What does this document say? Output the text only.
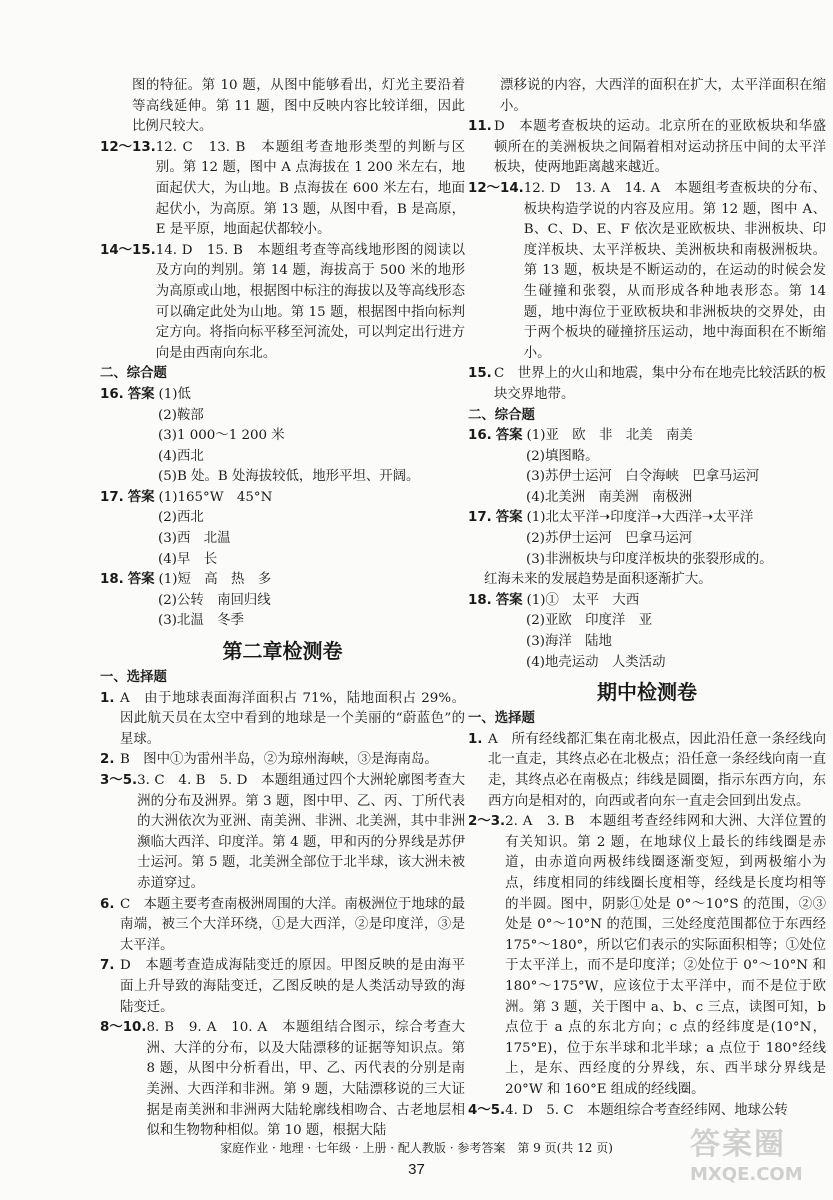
图的特征。第 10 题，从图中能够看出，灯光主要沿着等高线延伸。第 11 题，图中反映内容比较详细，因此比例尺较大。

12～13. 12. C　13. B　本题组考查地形类型的判断与区别。第 12 题，图中 A 点海拔在 1 200 米左右，地面起伏大，为山地。B 点海拔在 600 米左右，地面起伏小，为高原。第 13 题，从图中看，B 是高原，E 是平原，地面起伏都较小。
14～15. 14. D　15. B　本题组考查等高线地形图的阅读以及方向的判别。第 14 题，海拔高于 500 米的地形为高原或山地，根据图中标注的海拔以及等高线形态可以确定此处为山地。第 15 题，根据图中指向标判定方向。将指向标平移至河流处，可以判定出行进方向是由西南向东北。

二、综合题

16. 答案 (1)低
(2)鞍部
(3)1 000～1 200 米
(4)西北
(5)B 处。B 处海拔较低，地形平坦、开阔。
17. 答案 (1)165°W　45°N
(2)西北
(3)西　北温
(4)早　长
18. 答案 (1)短　高　热　多
(2)公转　南回归线
(3)北温　冬季
第二章检测卷

一、选择题

1. A　由于地球表面海洋面积占 71%，陆地面积占 29%。因此航天员在太空中看到的地球是一个美丽的“蔚蓝色”的星球。
2. B　图中①为雷州半岛，②为琼州海峡，③是海南岛。
3～5. 3. C　4. B　5. D　本题组通过四个大洲轮廓图考查大洲的分布及洲界。第 3 题，图中甲、乙、丙、丁所代表的大洲依次为亚洲、南美洲、非洲、北美洲，其中非洲濒临大西洋、印度洋。第 4 题，甲和丙的分界线是苏伊士运河。第 5 题，北美洲全部位于北半球，该大洲未被赤道穿过。
6. C　本题主要考查南极洲周围的大洋。南极洲位于地球的最南端，被三个大洋环绕，①是大西洋，②是印度洋，③是太平洋。
7. D　本题考查造成海陆变迁的原因。甲图反映的是由海平面上升导致的海陆变迁，乙图反映的是人类活动导致的海陆变迁。
8～10. 8. B　9. A　10. A　本题组结合图示，综合考查大洲、大洋的分布，以及大陆漂移的证据等知识点。第 8 题，从图中分析看出，甲、乙、丙代表的分别是南美洲、大西洋和非洲。第 9 题，大陆漂移说的三大证据是南美洲和非洲两大陆轮廓线相吻合、古老地层相似和生物物种相似。第 10 题，根据大陆

漂移说的内容，大西洋的面积在扩大，太平洋面积在缩小。

11. D　本题考查板块的运动。北京所在的亚欧板块和华盛顿所在的美洲板块之间隔着相对运动挤压中间的太平洋板块，使两地距离越来越近。
12～14. 12. D　13. A　14. A　本题组考查板块的分布、板块构造学说的内容及应用。第 12 题，图中 A、B、C、D、E、F 依次是亚欧板块、非洲板块、印度洋板块、太平洋板块、美洲板块和南极洲板块。第 13 题，板块是不断运动的，在运动的时候会发生碰撞和张裂，从而形成各种地表形态。第 14 题，地中海位于亚欧板块和非洲板块的交界处，由于两个板块的碰撞挤压运动，地中海面积在不断缩小。
15. C　世界上的火山和地震，集中分布在地壳比较活跃的板块交界地带。

二、综合题

16. 答案 (1)亚　欧　非　北美　南美
(2)填图略。
(3)苏伊士运河　白令海峡　巴拿马运河
(4)北美洲　南美洲　南极洲
17. 答案 (1)北太平洋➝印度洋➝大西洋➝太平洋
(2)苏伊士运河　巴拿马运河
(3)非洲板块与印度洋板块的张裂形成的。
红海未来的发展趋势是面积逐渐扩大。
18. 答案 (1)①　太平　大西
(2)亚欧　印度洋　亚
(3)海洋　陆地
(4)地壳运动　人类活动
期中检测卷

一、选择题

1. A　所有经线都汇集在南北极点，因此沿任意一条经线向北一直走，其终点必在北极点；沿任意一条经线向南一直走，其终点必在南极点；纬线是圆圈，指示东西方向，东西方向是相对的，向西或者向东一直走会回到出发点。
2～3. 2. A　3. B　本题组考查经纬网和大洲、大洋位置的有关知识。第 2 题，在地球仪上最长的纬线圈是赤道，由赤道向两极纬线圈逐渐变短，到两极缩小为点，纬度相同的纬线圈长度相等，经线是长度均相等的半圆。图中，阴影①处是 0°～10°S 的范围，②③处是 0°～10°N 的范围，三处经度范围都位于东西经 175°～180°，所以它们表示的实际面积相等；①处位于太平洋上，而不是印度洋；②处位于 0°～10°N 和 180°～175°W，应该位于太平洋中，而不是位于欧洲。第 3 题，关于图中 a、b、c 三点，读图可知，b 点位于 a 点的东北方向；c 点的经纬度是(10°N，175°E)，位于东半球和北半球；a 点位于 180°经线上，是东、西经度的分界线，东、西半球分界线是 20°W 和 160°E 组成的经线圈。
4～5. 4. D　5. C　本题组综合考查经纬网、地球公转
家庭作业 · 地理 · 七年级 · 上册 · 配人教版 · 参考答案　第 9 页(共 12 页)
37
答案圈
MXQE.COM
